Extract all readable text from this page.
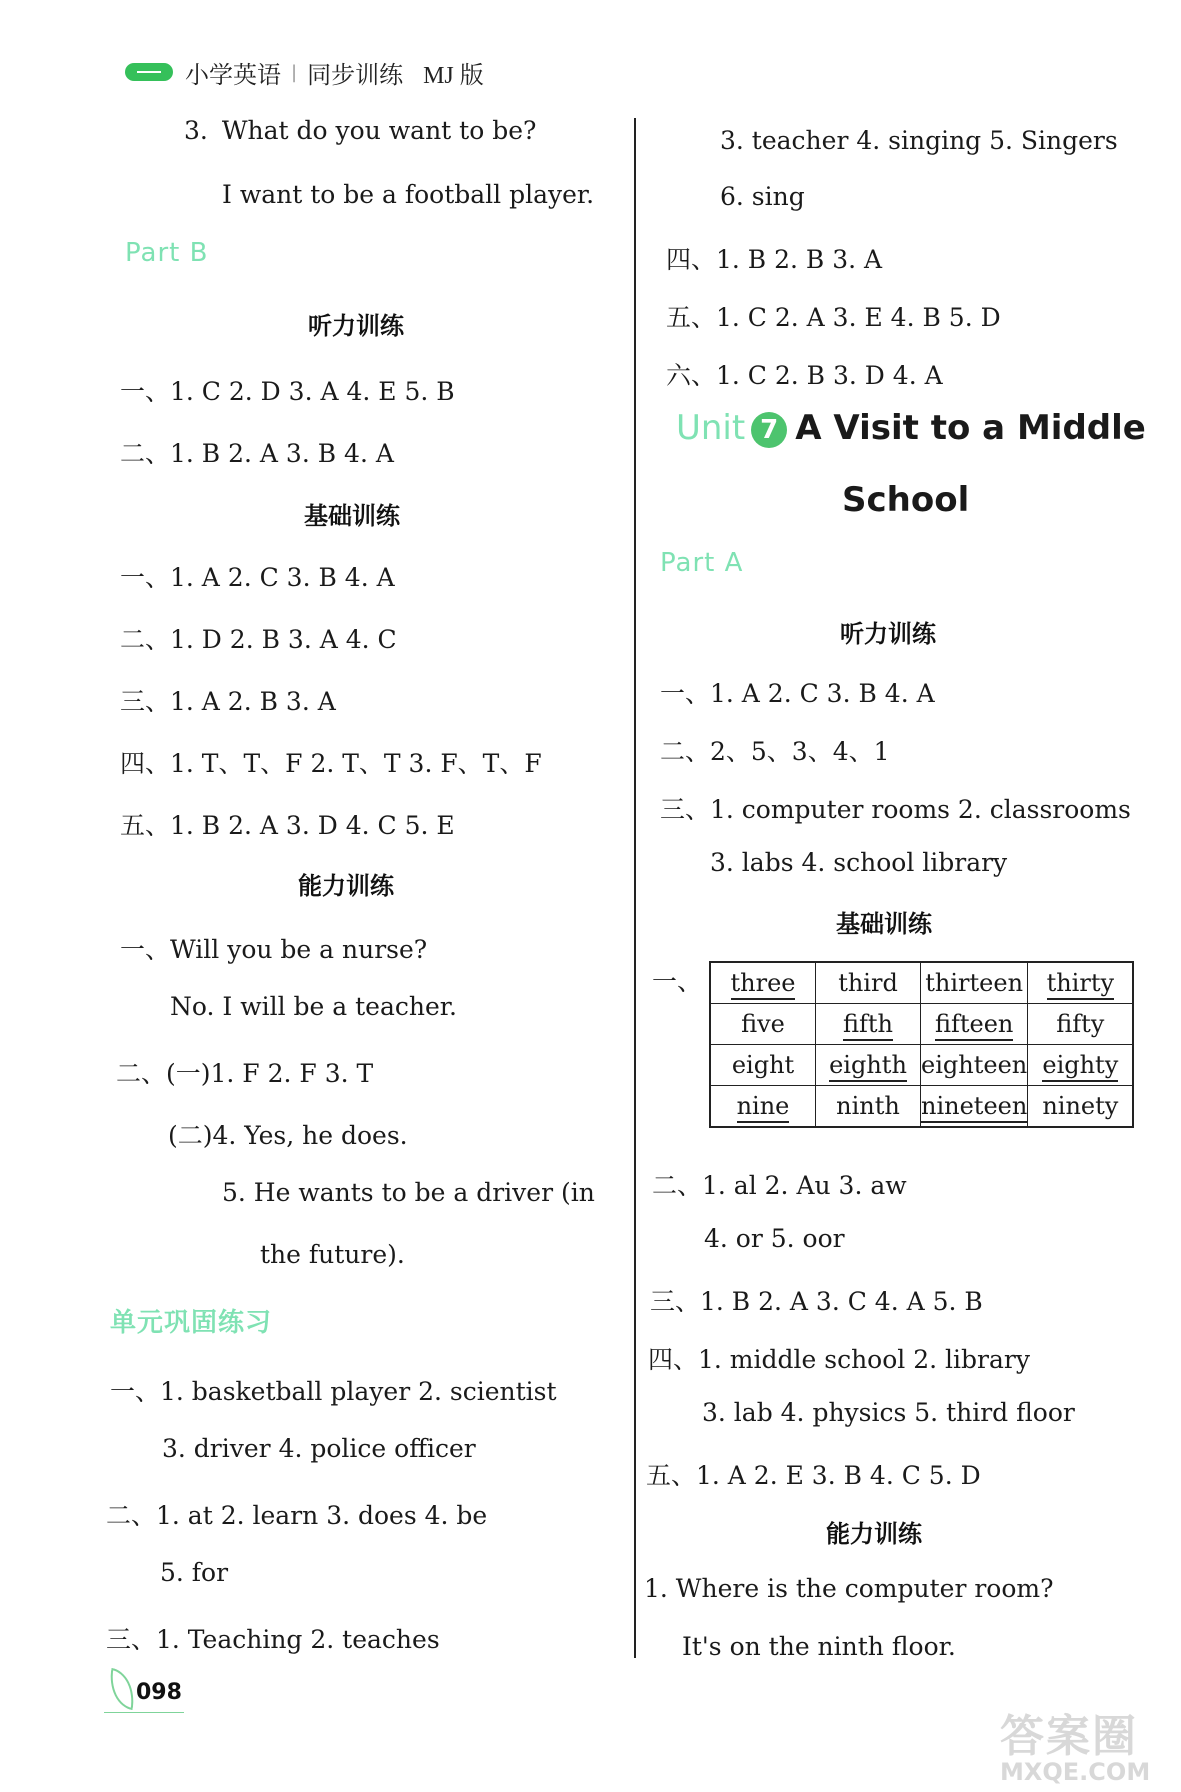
小学英语 | 同步训练 MJ 版
3. What do you want to be?
I want to be a football player.
Part B
听力训练
一、1. C 2. D 3. A 4. E 5. B
二、1. B 2. A 3. B 4. A
基础训练
一、1. A 2. C 3. B 4. A
二、1. D 2. B 3. A 4. C
三、1. A 2. B 3. A
四、1. T、T、F 2. T、T 3. F、T、F
五、1. B 2. A 3. D 4. C 5. E
能力训练
一、Will you be a nurse?
No. I will be a teacher.
二、(一)1. F 2. F 3. T
(二)4. Yes, he does.
5. He wants to be a driver (in
the future).
单元巩固练习
一、1. basketball player 2. scientist
3. driver 4. police officer
二、1. at 2. learn 3. does 4. be
5. for
三、1. Teaching 2. teaches
3. teacher 4. singing 5. Singers
6. sing
四、1. B 2. B 3. A
五、1. C 2. A 3. E 4. B 5. D
六、1. C 2. B 3. D 4. A
Unit 7 A Visit to a Middle
School
Part A
听力训练
一、1. A 2. C 3. B 4. A
二、2、5、3、4、1
三、1. computer rooms 2. classrooms
3. labs 4. school library
基础训练
一、 three	third	thirteen	thirty
five	fifth	fifteen	fifty
eight	eighth	eighteen	eighty
nine	ninth	nineteen	ninety
二、1. al 2. Au 3. aw
4. or 5. oor
三、1. B 2. A 3. C 4. A 5. B
四、1. middle school 2. library
3. lab 4. physics 5. third floor
五、1. A 2. E 3. B 4. C 5. D
能力训练
1. Where is the computer room?
It's on the ninth floor.
098
答案圈
MXQE.COM
